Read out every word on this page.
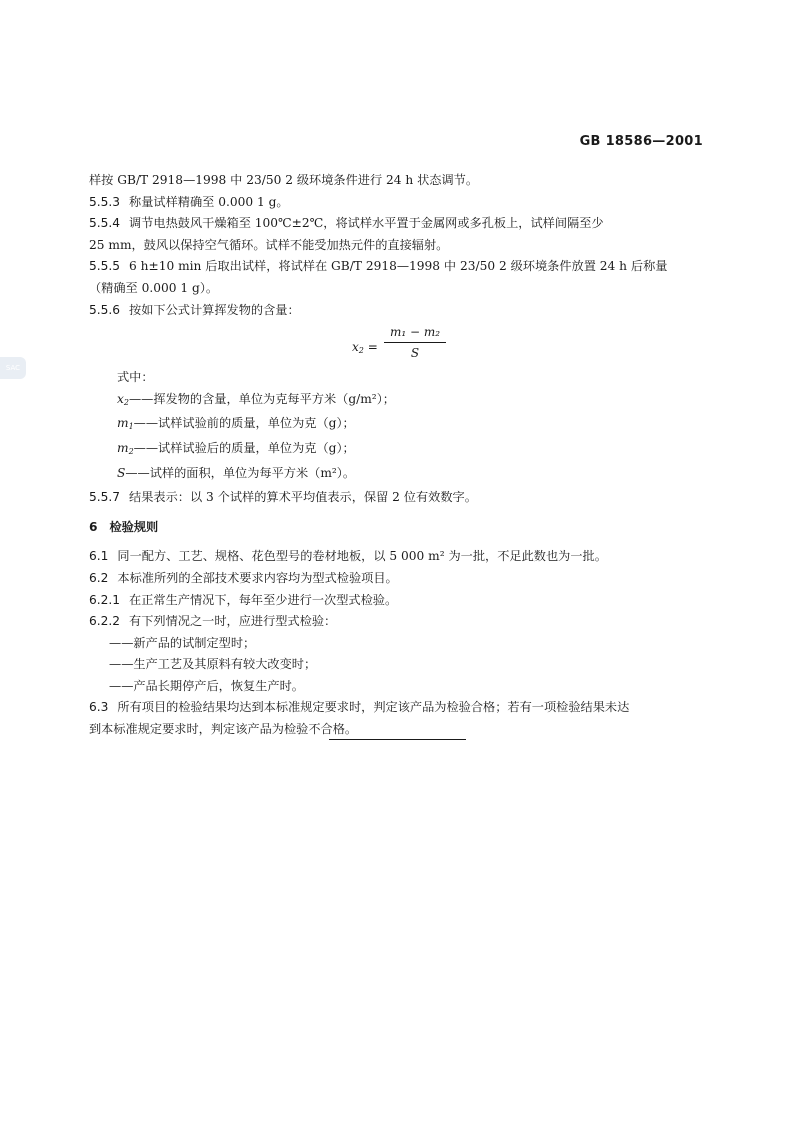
SAC
GB 18586—2001
样按 GB/T 2918—1998 中 23/50 2 级环境条件进行 24 h 状态调节。
5.5.3 称量试样精确至 0.000 1 g。
5.5.4 调节电热鼓风干燥箱至 100℃±2℃，将试样水平置于金属网或多孔板上，试样间隔至少
25 mm，鼓风以保持空气循环。试样不能受加热元件的直接辐射。
5.5.5 6 h±10 min 后取出试样，将试样在 GB/T 2918—1998 中 23/50 2 级环境条件放置 24 h 后称量
（精确至 0.000 1 g）。
5.5.6 按如下公式计算挥发物的含量：
$x_2$ =
m₁ − m₂
S
式中：
$x_2——$挥发物的含量，单位为克每平方米（g/m²）；
$m_1——$试样试验前的质量，单位为克（g）；
$m_2——$试样试验后的质量，单位为克（g）；
S——试样的面积，单位为每平方米（m²）。
5.5.7 结果表示：以 3 个试样的算术平均值表示，保留 2 位有效数字。
6 检验规则
6.1 同一配方、工艺、规格、花色型号的卷材地板，以 5 000 m² 为一批，不足此数也为一批。
6.2 本标准所列的全部技术要求内容均为型式检验项目。
6.2.1 在正常生产情况下，每年至少进行一次型式检验。
6.2.2 有下列情况之一时，应进行型式检验：
——新产品的试制定型时；
——生产工艺及其原料有较大改变时；
——产品长期停产后，恢复生产时。
6.3 所有项目的检验结果均达到本标准规定要求时，判定该产品为检验合格；若有一项检验结果未达
到本标准规定要求时，判定该产品为检验不合格。
